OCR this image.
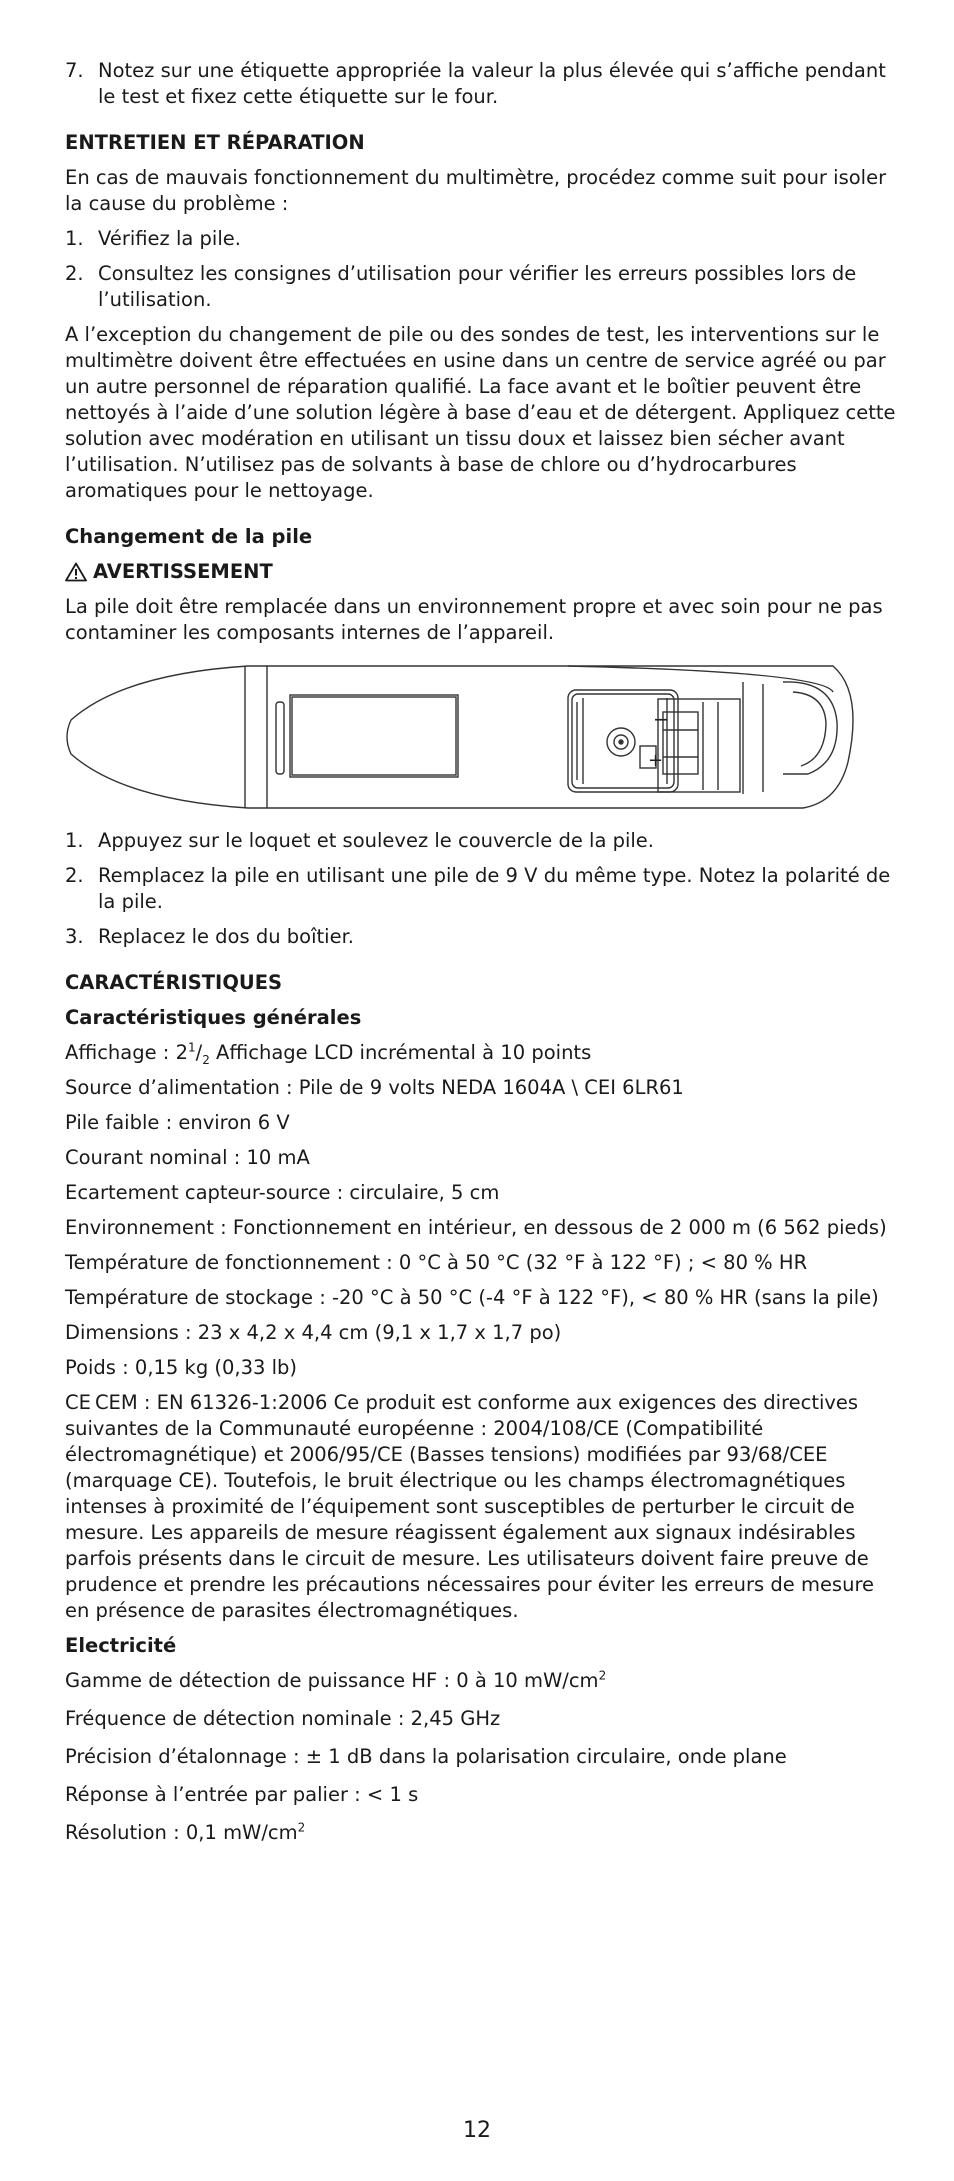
7. Notez sur une étiquette appropriée la valeur la plus élevée qui s’affiche pendant le test et fixez cette étiquette sur le four.
ENTRETIEN ET RÉPARATION

En cas de mauvais fonctionnement du multimètre, procédez comme suit pour isoler la cause du problème :

1. Vérifiez la pile.
2. Consultez les consignes d’utilisation pour vérifier les erreurs possibles lors de l’utilisation.

A l’exception du changement de pile ou des sondes de test, les interventions sur le multimètre doivent être effectuées en usine dans un centre de service agréé ou par un autre personnel de réparation qualifié. La face avant et le boîtier peuvent être nettoyés à l’aide d’une solution légère à base d’eau et de détergent. Appliquez cette solution avec modération en utilisant un tissu doux et laissez bien sécher avant l’utilisation. N’utilisez pas de solvants à base de chlore ou d’hydrocarbures aromatiques pour le nettoyage.

Changement de la pile
AVERTISSEMENT

La pile doit être remplacée dans un environnement propre et avec soin pour ne pas contaminer les composants internes de l’appareil.

−
+
1. Appuyez sur le loquet et soulevez le couvercle de la pile.
2. Remplacez la pile en utilisant une pile de 9 V du même type. Notez la polarité de la pile.
3. Replacez le dos du boîtier.
CARACTÉRISTIQUES
Caractéristiques générales

Affichage : $2^1/_2$ Affichage LCD incrémental à 10 points

Source d’alimentation : Pile de 9 volts NEDA 1604A \ CEI 6LR61

Pile faible : environ 6 V

Courant nominal : 10 mA

Ecartement capteur-source : circulaire, 5 cm

Environnement : Fonctionnement en intérieur, en dessous de 2 000 m (6 562 pieds)

Température de fonctionnement : 0 °C à 50 °C (32 °F à 122 °F) ; < 80 % HR

Température de stockage : -20 °C à 50 °C (-4 °F à 122 °F), < 80 % HR (sans la pile)

Dimensions : 23 x 4,2 x 4,4 cm (9,1 x 1,7 x 1,7 po)

Poids : 0,15 kg (0,33 lb)

CE CEM : EN 61326-1:2006 Ce produit est conforme aux exigences des directives suivantes de la Communauté européenne : 2004/108/CE (Compatibilité électromagnétique) et 2006/95/CE (Basses tensions) modifiées par 93/68/CEE (marquage CE). Toutefois, le bruit électrique ou les champs électromagnétiques intenses à proximité de l’équipement sont susceptibles de perturber le circuit de mesure. Les appareils de mesure réagissent également aux signaux indésirables parfois présents dans le circuit de mesure. Les utilisateurs doivent faire preuve de prudence et prendre les précautions nécessaires pour éviter les erreurs de mesure en présence de parasites électromagnétiques.

Electricité

Gamme de détection de puissance HF : 0 à 10 $mW/cm^2$

Fréquence de détection nominale : 2,45 GHz

Précision d’étalonnage : ± 1 dB dans la polarisation circulaire, onde plane

Réponse à l’entrée par palier : < 1 s

Résolution : 0,1 $mW/cm^2$

12
